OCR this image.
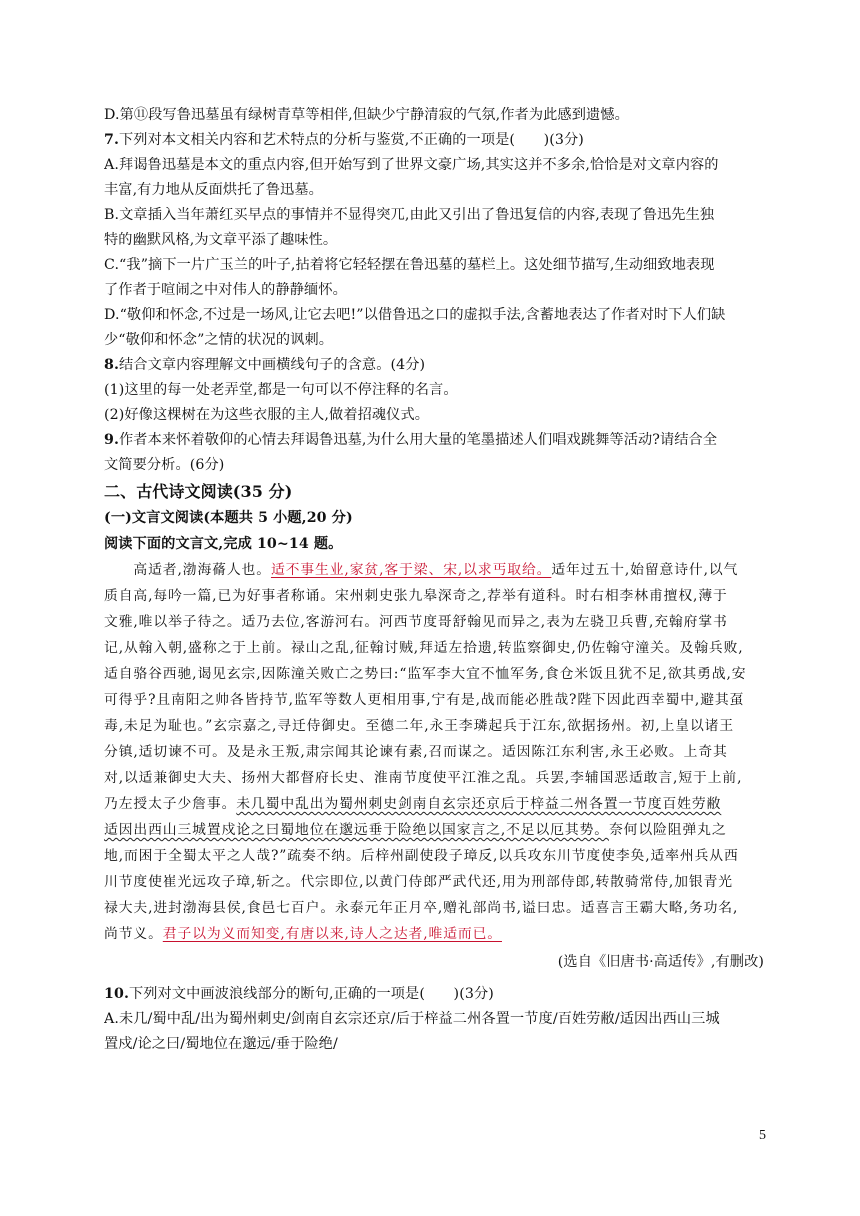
D.第⑪段写鲁迅墓虽有绿树青草等相伴,但缺少宁静清寂的气氛,作者为此感到遗憾。

7.下列对本文相关内容和艺术特点的分析与鉴赏,不正确的一项是(　　)(3分)

A.拜谒鲁迅墓是本文的重点内容,但开始写到了世界文豪广场,其实这并不多余,恰恰是对文章内容的

丰富,有力地从反面烘托了鲁迅墓。

B.文章插入当年萧红买早点的事情并不显得突兀,由此又引出了鲁迅复信的内容,表现了鲁迅先生独

特的幽默风格,为文章平添了趣味性。

C.“我”摘下一片广玉兰的叶子,拈着将它轻轻摆在鲁迅墓的墓栏上。这处细节描写,生动细致地表现

了作者于喧闹之中对伟人的静静缅怀。

D.“敬仰和怀念,不过是一场风,让它去吧!”以借鲁迅之口的虚拟手法,含蓄地表达了作者对时下人们缺

少“敬仰和怀念”之情的状况的讽刺。

8.结合文章内容理解文中画横线句子的含意。(4分)

(1)这里的每一处老弄堂,都是一句可以不停注释的名言。

(2)好像这棵树在为这些衣服的主人,做着招魂仪式。

9.作者本来怀着敬仰的心情去拜谒鲁迅墓,为什么用大量的笔墨描述人们唱戏跳舞等活动?请结合全

文简要分析。(6分)

二、古代诗文阅读(35 分)

(一)文言文阅读(本题共 5 小题,20 分)

阅读下面的文言文,完成 10~14 题。

　　高适者,渤海蓨人也。适不事生业,家贫,客于梁、宋,以求丐取给。适年过五十,始留意诗什,以气

质自高,每吟一篇,已为好事者称诵。宋州刺史张九皋深奇之,荐举有道科。时右相李林甫擅权,薄于

文雅,唯以举子待之。适乃去位,客游河右。河西节度哥舒翰见而异之,表为左骁卫兵曹,充翰府掌书

记,从翰入朝,盛称之于上前。禄山之乱,征翰讨贼,拜适左拾遗,转监察御史,仍佐翰守潼关。及翰兵败,

适自骆谷西驰,谒见玄宗,因陈潼关败亡之势曰:“监军李大宜不恤军务,食仓米饭且犹不足,欲其勇战,安

可得乎?且南阳之帅各皆持节,监军等数人更相用事,宁有是,战而能必胜哉?陛下因此西幸蜀中,避其虿

毒,未足为耻也。”玄宗嘉之,寻迁侍御史。至德二年,永王李璘起兵于江东,欲据扬州。初,上皇以诸王

分镇,适切谏不可。及是永王叛,肃宗闻其论谏有素,召而谋之。适因陈江东利害,永王必败。上奇其

对,以适兼御史大夫、扬州大都督府长史、淮南节度使平江淮之乱。兵罢,李辅国恶适敢言,短于上前,

乃左授太子少詹事。未几蜀中乱出为蜀州刺史剑南自玄宗还京后于梓益二州各置一节度百姓劳敝

适因出西山三城置戍论之曰蜀地位在邈远垂于险绝以国家言之,不足以厄其势。奈何以险阻弹丸之

地,而困于全蜀太平之人哉?”疏奏不纳。后梓州副使段子璋反,以兵攻东川节度使李奂,适率州兵从西

川节度使崔光远攻子璋,斩之。代宗即位,以黄门侍郎严武代还,用为刑部侍郎,转散骑常侍,加银青光

禄大夫,进封渤海县侯,食邑七百户。永泰元年正月卒,赠礼部尚书,谥曰忠。适喜言王霸大略,务功名,

尚节义。君子以为义而知变,有唐以来,诗人之达者,唯适而已。

(选自《旧唐书·高适传》,有删改)

10.下列对文中画波浪线部分的断句,正确的一项是(　　)(3分)

A.未几/蜀中乱/出为蜀州刺史/剑南自玄宗还京/后于梓益二州各置一节度/百姓劳敝/适因出西山三城

置戍/论之曰/蜀地位在邈远/垂于险绝/

5
